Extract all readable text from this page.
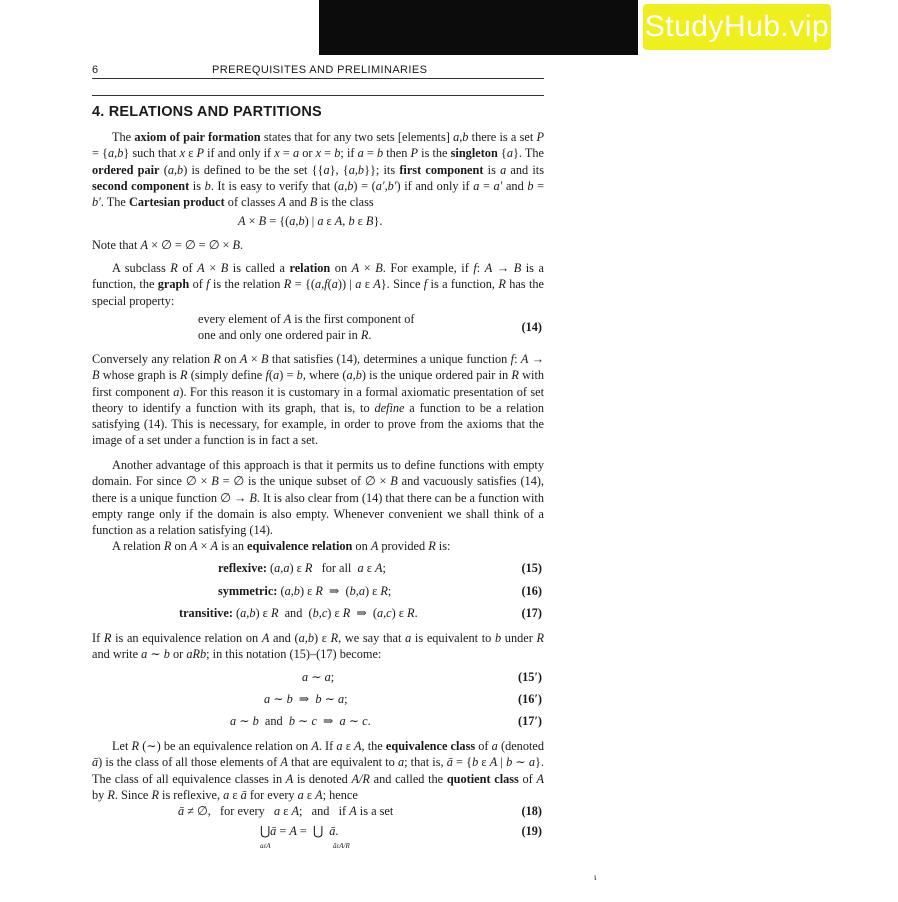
StudyHub.vip ☆ Experienced writers
⊙ On-time delivery
☑ 100% plagiarism free
6	PREREQUISITES AND PRELIMINARIES
4. RELATIONS AND PARTITIONS

The axiom of pair formation states that for any two sets [elements] a,b there is a set P = {a,b} such that x ε P if and only if x = a or x = b; if a = b then P is the singleton {a}. The ordered pair (a,b) is defined to be the set {{a}, {a,b}}; its first component is a and its second component is b. It is easy to verify that (a,b) = (a′,b′) if and only if a = a′ and b = b′. The Cartesian product of classes A and B is the class

A × B = {(a,b) | a ε A, b ε B}.

Note that A × ∅ = ∅ = ∅ × B.

A subclass R of A × B is called a relation on A × B. For example, if f: A → B is a function, the graph of f is the relation R = {(a,f(a)) | a ε A}. Since f is a function, R has the special property:

every element of A is the first component of
one and only one ordered pair in R.
(14)

Conversely any relation R on A × B that satisfies (14), determines a unique function f: A → B whose graph is R (simply define f(a) = b, where (a,b) is the unique ordered pair in R with first component a). For this reason it is customary in a formal axiomatic presentation of set theory to identify a function with its graph, that is, to define a function to be a relation satisfying (14). This is necessary, for example, in order to prove from the axioms that the image of a set under a function is in fact a set.

Another advantage of this approach is that it permits us to define functions with empty domain. For since ∅ × B = ∅ is the unique subset of ∅ × B and vacuously satisfies (14), there is a unique function ∅ → B. It is also clear from (14) that there can be a function with empty range only if the domain is also empty. Whenever convenient we shall think of a function as a relation satisfying (14).

A relation R on A × A is an equivalence relation on A provided R is:

reflexive: (a,a) ε R   for all  a ε A;	(15)
symmetric: (a,b) ε R  ⇒  (b,a) ε R;	(16)
transitive: (a,b) ε R  and  (b,c) ε R  ⇒  (a,c) ε R.	(17)

If R is an equivalence relation on A and (a,b) ε R, we say that a is equivalent to b under R and write a ∼ b or aRb; in this notation (15)–(17) become:

a ∼ a;	(15′)
a ∼ b  ⇒  b ∼ a;	(16′)
a ∼ b  and  b ∼ c  ⇒  a ∼ c.	(17′)

Let R (∼) be an equivalence relation on A. If a ε A, the equivalence class of a (denoted ā) is the class of all those elements of A that are equivalent to a; that is, ā = {b ε A | b ∼ a}. The class of all equivalence classes in A is denoted A/R and called the quotient class of A by R. Since R is reflexive, a ε ā for every a ε A; hence

ā ≠ ∅,   for every   a ε A;   and   if A is a set	(18)
⋃ā = A =  ⋃  ā.
aεA	āεA/R
(19)
ι
